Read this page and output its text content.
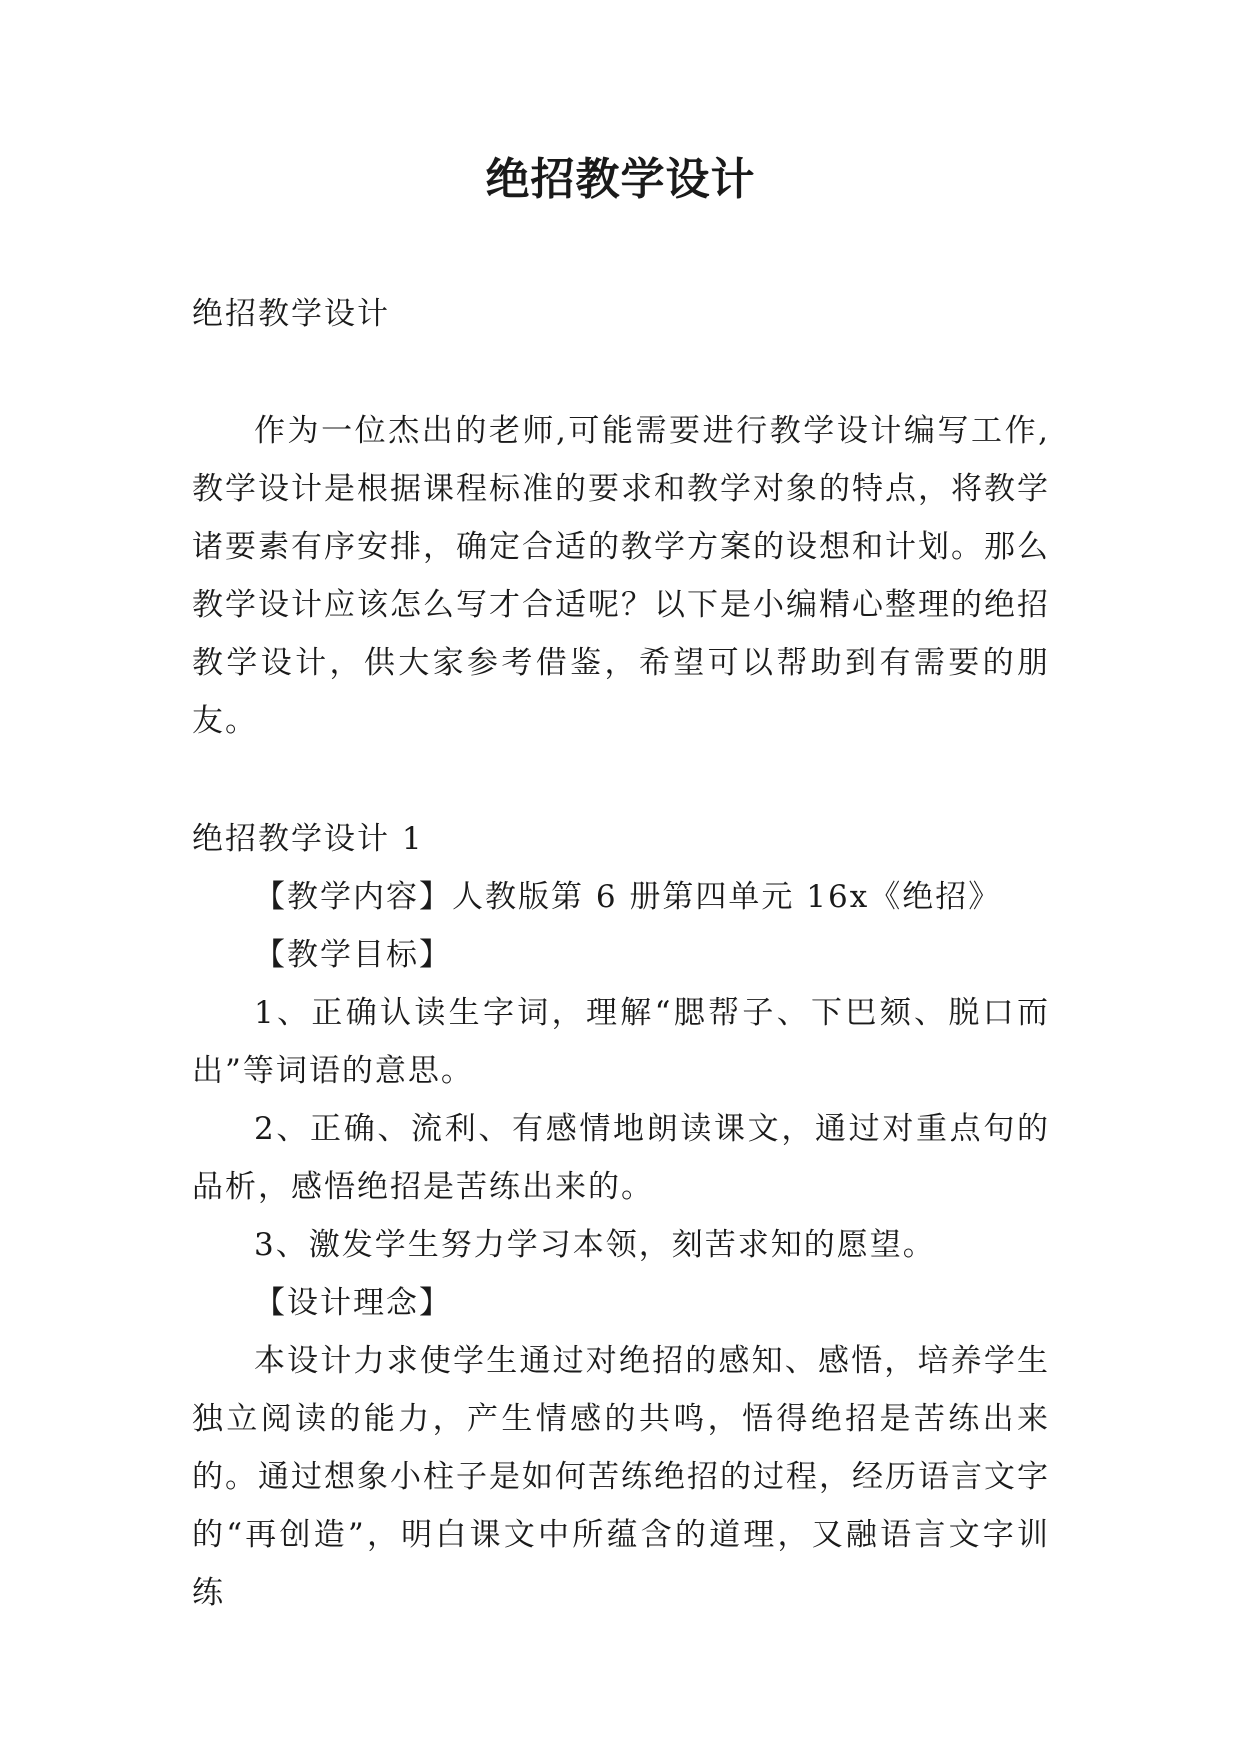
绝招教学设计

绝招教学设计

作为一位杰出的老师,可能需要进行教学设计编写工作,教学设计是根据课程标准的要求和教学对象的特点，将教学诸要素有序安排，确定合适的教学方案的设想和计划。那么教学设计应该怎么写才合适呢？以下是小编精心整理的绝招教学设计，供大家参考借鉴，希望可以帮助到有需要的朋友。

绝招教学设计 1

【教学内容】人教版第 6 册第四单元 16x《绝招》

【教学目标】

1、正确认读生字词，理解“腮帮子、下巴颏、脱口而出”等词语的意思。

2、正确、流利、有感情地朗读课文，通过对重点句的品析，感悟绝招是苦练出来的。

3、激发学生努力学习本领，刻苦求知的愿望。

【设计理念】

本设计力求使学生通过对绝招的感知、感悟，培养学生独立阅读的能力，产生情感的共鸣，悟得绝招是苦练出来的。通过想象小柱子是如何苦练绝招的过程，经历语言文字的“再创造”，明白课文中所蕴含的道理，又融语言文字训练
